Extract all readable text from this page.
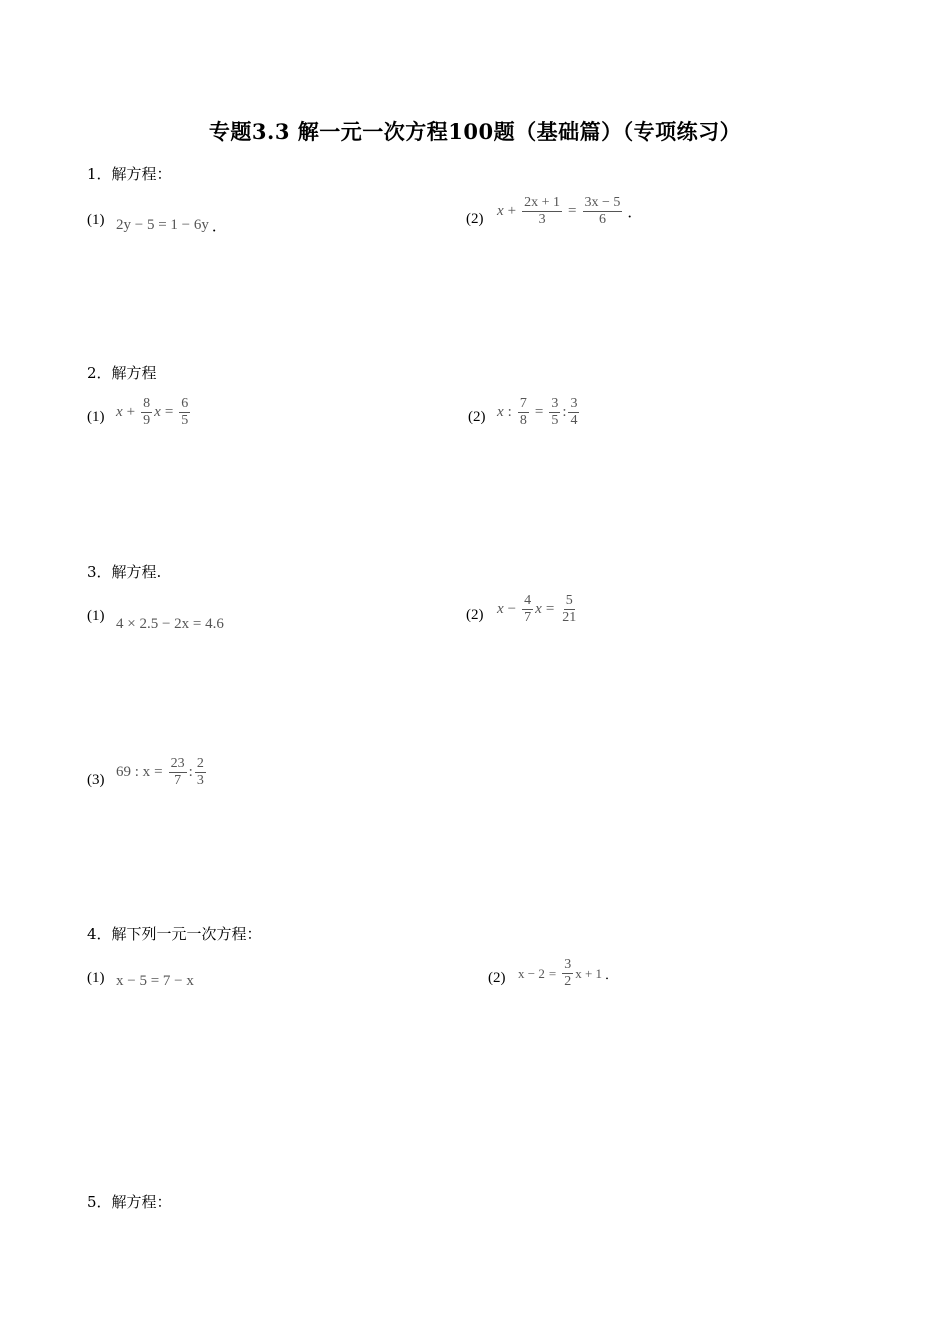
专题3.3 解一元一次方程100题（基础篇）（专项练习）
1．解方程：
(1) 2y − 5 = 1 − 6y ．	(2) $x + \frac{2x + 1}{3} = \frac{3x - 5}{6}$ ．
2．解方程
(1) $x + \frac{8}{9}$ $x = \frac{6}{5}$	(2) x : $\frac{7}{8} = \frac{3}{5}$ : $\frac{3}{4}$
3．解方程.
(1) 4 × 2.5 − 2x = 4.6
(2) $x - \frac{4}{7}$ $x = \frac{5}{21}$
(3) 69 : $x = \frac{23}{7}$ : $\frac{2}{3}$
4．解下列一元一次方程：
(1) x − 5 = 7 − x	(2) $x - 2 = \frac{3}{2}$ x + 1 ．
5．解方程：
